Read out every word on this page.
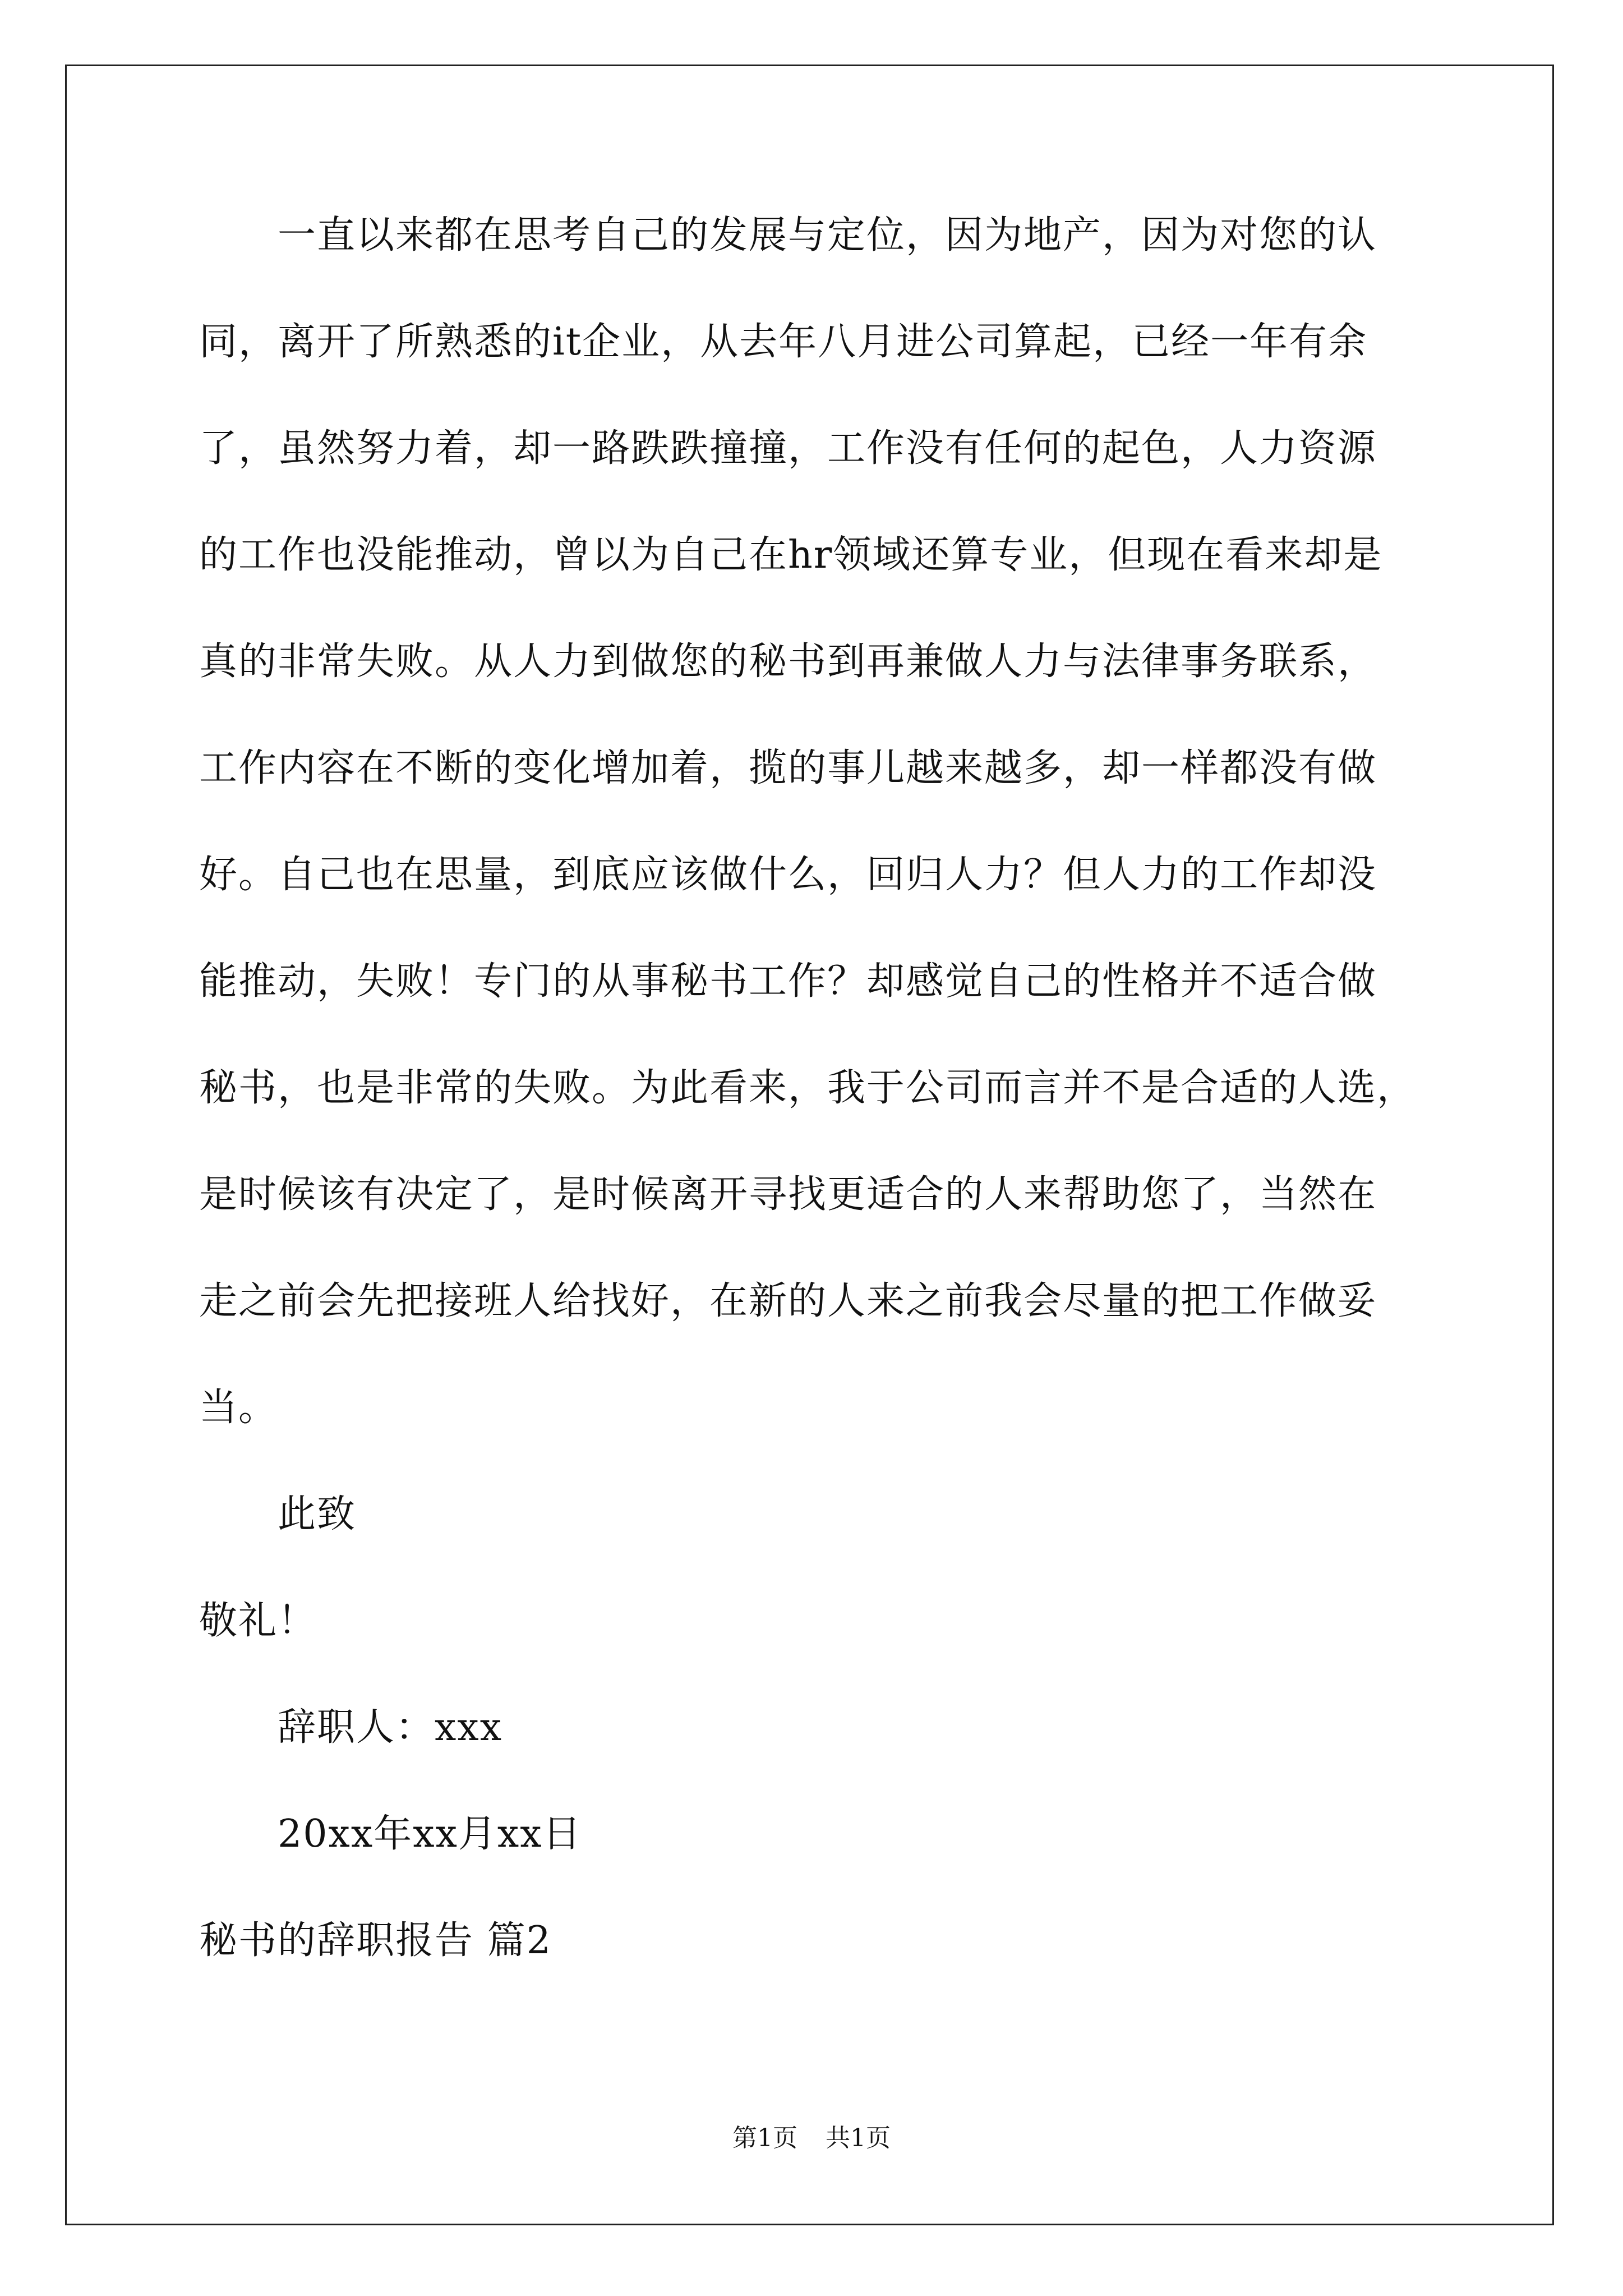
一直以来都在思考自己的发展与定位，因为地产，因为对您的认
同，离开了所熟悉的it企业，从去年八月进公司算起，已经一年有余
了，虽然努力着，却一路跌跌撞撞，工作没有任何的起色，人力资源
的工作也没能推动，曾以为自己在hr领域还算专业，但现在看来却是
真的非常失败。从人力到做您的秘书到再兼做人力与法律事务联系，
工作内容在不断的变化增加着，揽的事儿越来越多，却一样都没有做
好。自己也在思量，到底应该做什么，回归人力？但人力的工作却没
能推动，失败！专门的从事秘书工作？却感觉自己的性格并不适合做
秘书，也是非常的失败。为此看来，我于公司而言并不是合适的人选，
是时候该有决定了，是时候离开寻找更适合的人来帮助您了，当然在
走之前会先把接班人给找好，在新的人来之前我会尽量的把工作做妥
当。
此致
敬礼！
辞职人：xxx
20xx年xx月xx日
秘书的辞职报告 篇2
第1页 共1页
